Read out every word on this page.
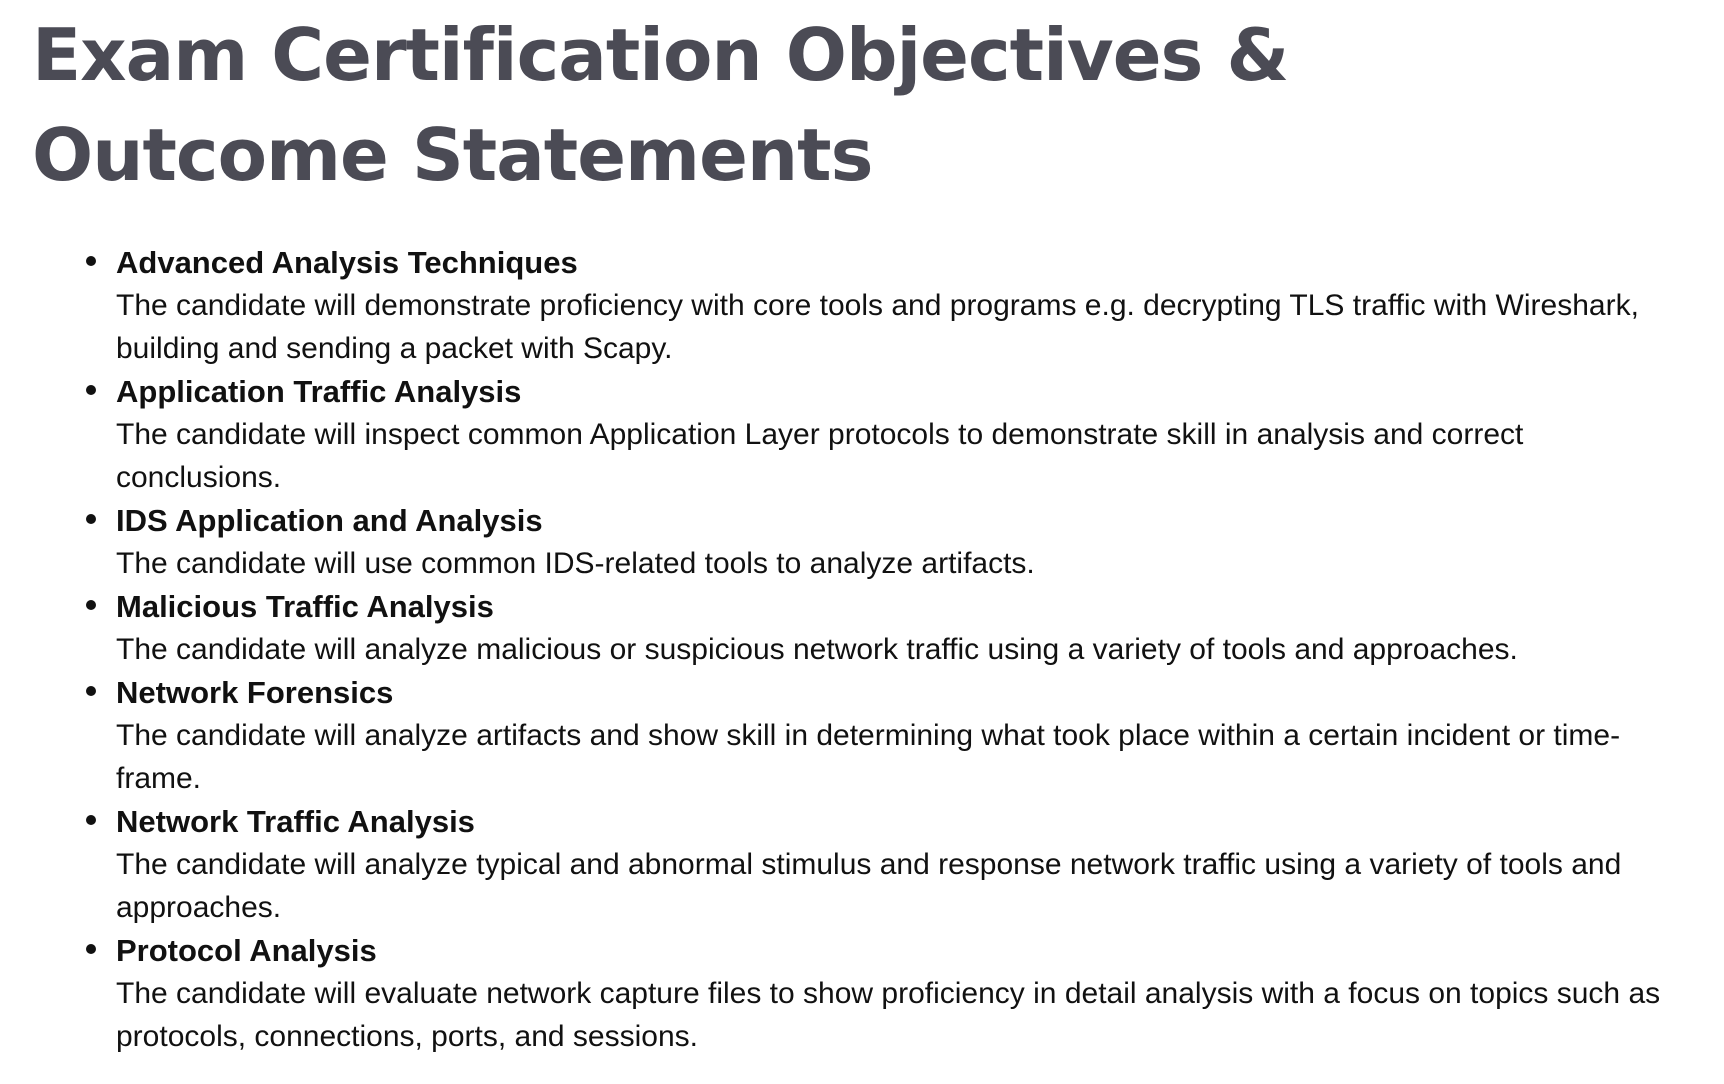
Exam Certification Objectives & Outcome Statements
Advanced Analysis Techniques
The candidate will demonstrate proficiency with core tools and programs e.g. decrypting TLS traffic with Wireshark, building and sending a packet with Scapy.
Application Traffic Analysis
The candidate will inspect common Application Layer protocols to demonstrate skill in analysis and correct conclusions.
IDS Application and Analysis
The candidate will use common IDS-related tools to analyze artifacts.
Malicious Traffic Analysis
The candidate will analyze malicious or suspicious network traffic using a variety of tools and approaches.
Network Forensics
The candidate will analyze artifacts and show skill in determining what took place within a certain incident or time-frame.
Network Traffic Analysis
The candidate will analyze typical and abnormal stimulus and response network traffic using a variety of tools and approaches.
Protocol Analysis
The candidate will evaluate network capture files to show proficiency in detail analysis with a focus on topics such as protocols, connections, ports, and sessions.
